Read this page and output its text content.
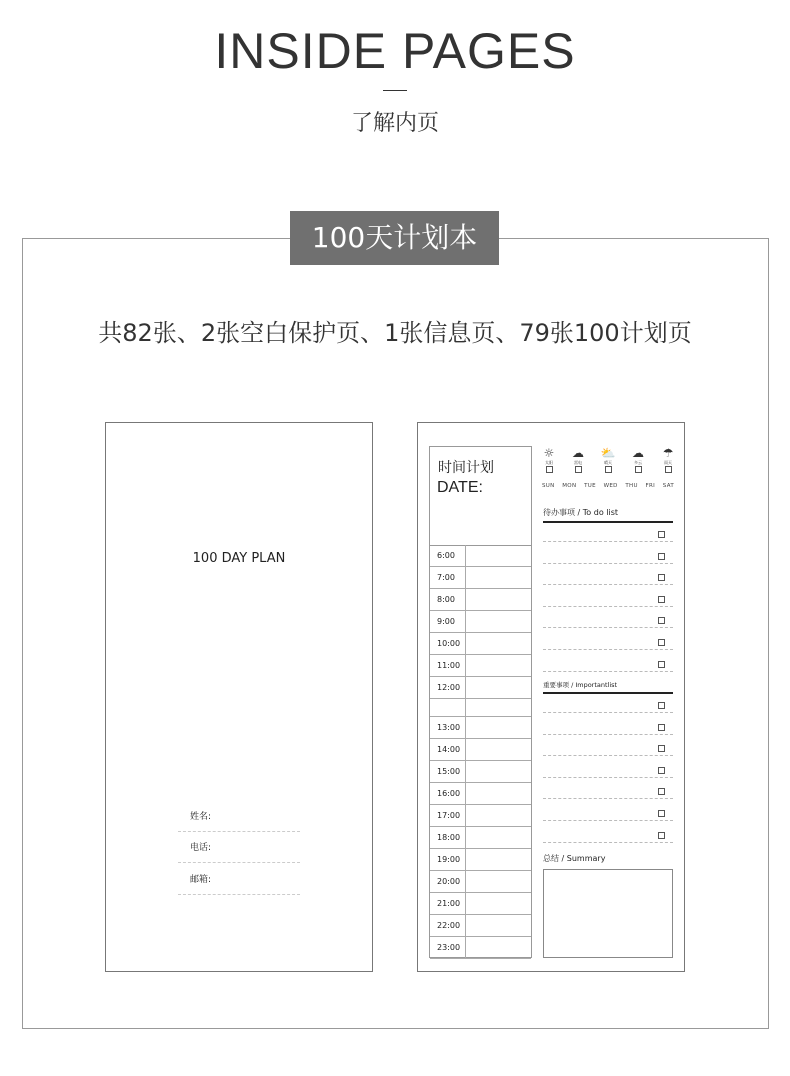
INSIDE PAGES
了解内页
100天计划本
共82张、2张空白保护页、1张信息页、79张100计划页
100 DAY PLAN
姓名:
电话:
邮箱:
时间计划
DATE:
6:00
7:00
8:00
9:00
10:00
11:00
12:00
13:00
14:00
15:00
16:00
17:00
18:00
19:00
20:00
21:00
22:00
23:00
SUN MON TUE WED THU FRI SAT
待办事项 / To do list
重要事项 / Importantlist
总结 / Summary
☼
太阳
☁
雷电
⛅
晴天
☁
多云
☂
雨天
